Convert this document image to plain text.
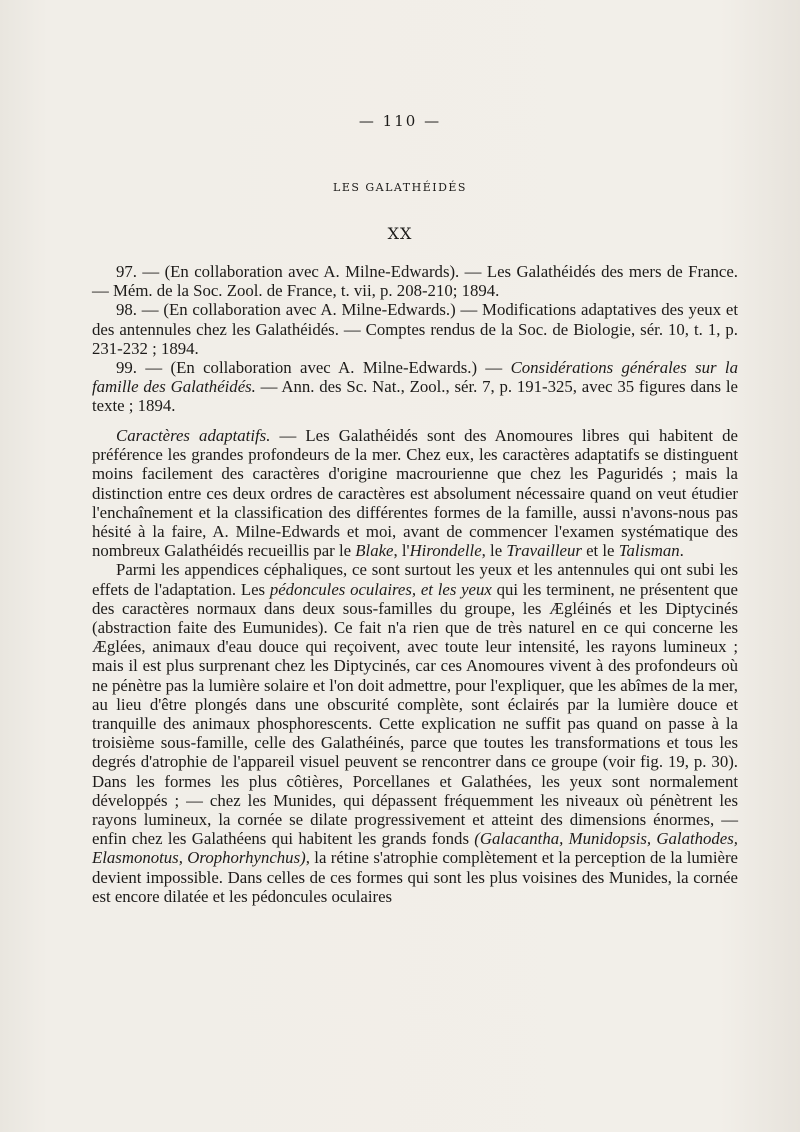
— 110 —
LES GALATHÉIDÉS
XX

97. — (En collaboration avec A. Milne-Edwards). — Les Galathéidés des mers de France. — Mém. de la Soc. Zool. de France, t. vii, p. 208-210; 1894.

98. — (En collaboration avec A. Milne-Edwards.) — Modifications adaptatives des yeux et des antennules chez les Galathéidés. — Comptes rendus de la Soc. de Biologie, sér. 10, t. 1, p. 231-232 ; 1894.

99. — (En collaboration avec A. Milne-Edwards.) — Considérations générales sur la famille des Galathéidés. — Ann. des Sc. Nat., Zool., sér. 7, p. 191-325, avec 35 figures dans le texte ; 1894.

Caractères adaptatifs. — Les Galathéidés sont des Anomoures libres qui habitent de préférence les grandes profondeurs de la mer. Chez eux, les caractères adaptatifs se distinguent moins facilement des caractères d'origine macrourienne que chez les Paguridés ; mais la distinction entre ces deux ordres de caractères est absolument nécessaire quand on veut étudier l'enchaînement et la classification des différentes formes de la famille, aussi n'avons-nous pas hésité à la faire, A. Milne-Edwards et moi, avant de commencer l'examen systématique des nombreux Galathéidés recueillis par le Blake, l'Hirondelle, le Travailleur et le Talisman.

Parmi les appendices céphaliques, ce sont surtout les yeux et les antennules qui ont subi les effets de l'adaptation. Les pédoncules oculaires, et les yeux qui les terminent, ne présentent que des caractères normaux dans deux sous-familles du groupe, les Ægléinés et les Diptycinés (abstraction faite des Eumunides). Ce fait n'a rien que de très naturel en ce qui concerne les Æglées, animaux d'eau douce qui reçoivent, avec toute leur intensité, les rayons lumineux ; mais il est plus surprenant chez les Diptycinés, car ces Anomoures vivent à des profondeurs où ne pénètre pas la lumière solaire et l'on doit admettre, pour l'expliquer, que les abîmes de la mer, au lieu d'être plongés dans une obscurité complète, sont éclairés par la lumière douce et tranquille des animaux phosphorescents. Cette explication ne suffit pas quand on passe à la troisième sous-famille, celle des Galathéinés, parce que toutes les transformations et tous les degrés d'atrophie de l'appareil visuel peuvent se rencontrer dans ce groupe (voir fig. 19, p. 30). Dans les formes les plus côtières, Porcellanes et Galathées, les yeux sont normalement développés ; — chez les Munides, qui dépassent fréquemment les niveaux où pénètrent les rayons lumineux, la cornée se dilate progressivement et atteint des dimensions énormes, — enfin chez les Galathéens qui habitent les grands fonds (Galacantha, Munidopsis, Galathodes, Elasmonotus, Orophorhynchus), la rétine s'atrophie complètement et la perception de la lumière devient impossible. Dans celles de ces formes qui sont les plus voisines des Munides, la cornée est encore dilatée et les pédoncules oculaires
